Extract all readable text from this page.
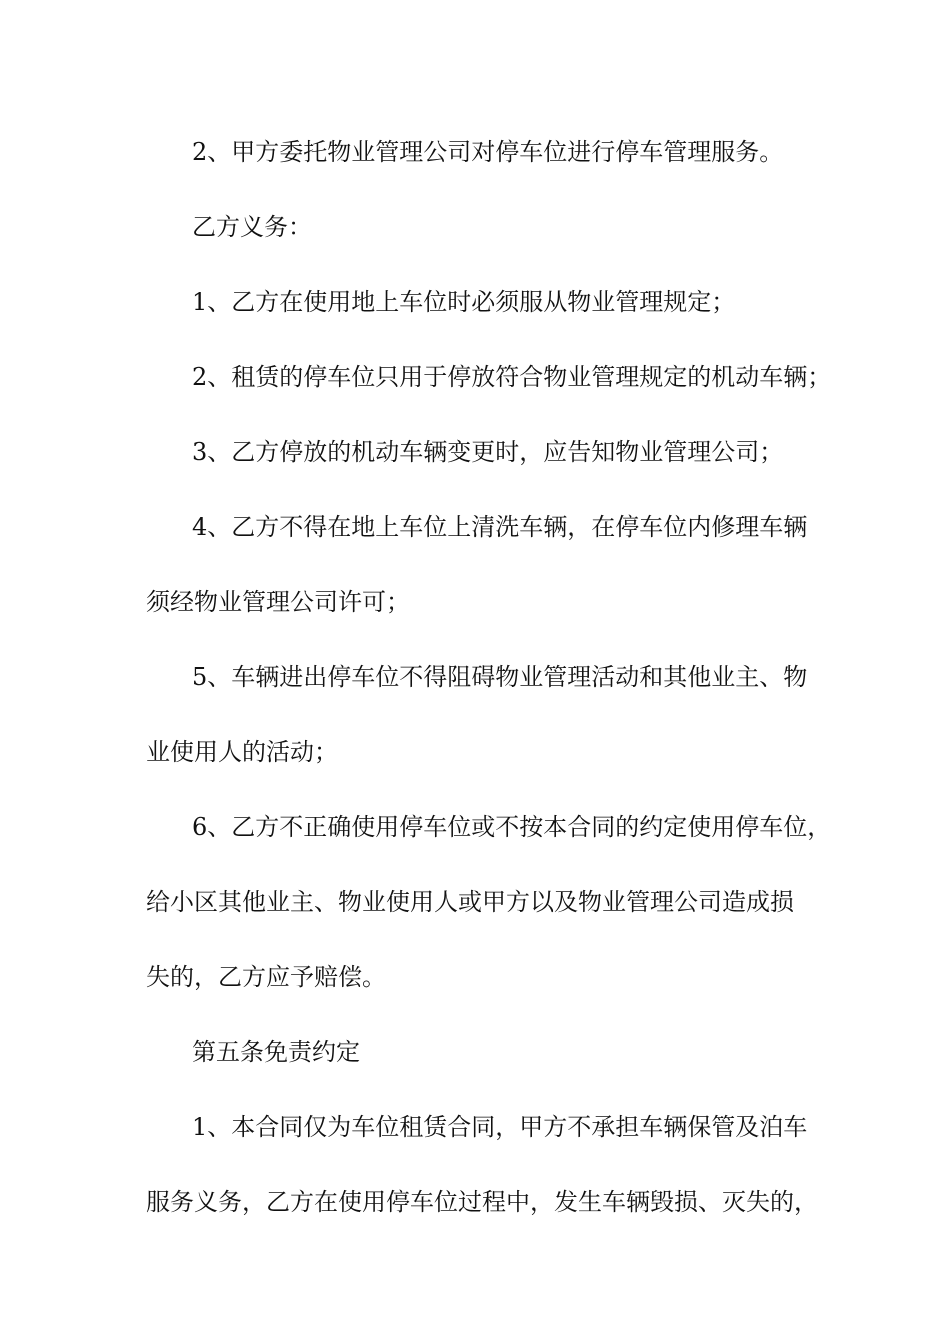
2、甲方委托物业管理公司对停车位进行停车管理服务。
乙方义务：
1、乙方在使用地上车位时必须服从物业管理规定；
2、租赁的停车位只用于停放符合物业管理规定的机动车辆；
3、乙方停放的机动车辆变更时，应告知物业管理公司；
4、乙方不得在地上车位上清洗车辆，在停车位内修理车辆
须经物业管理公司许可；
5、车辆进出停车位不得阻碍物业管理活动和其他业主、物
业使用人的活动；
6、乙方不正确使用停车位或不按本合同的约定使用停车位，
给小区其他业主、物业使用人或甲方以及物业管理公司造成损
失的，乙方应予赔偿。
第五条免责约定
1、本合同仅为车位租赁合同，甲方不承担车辆保管及泊车
服务义务，乙方在使用停车位过程中，发生车辆毁损、灭失的，
